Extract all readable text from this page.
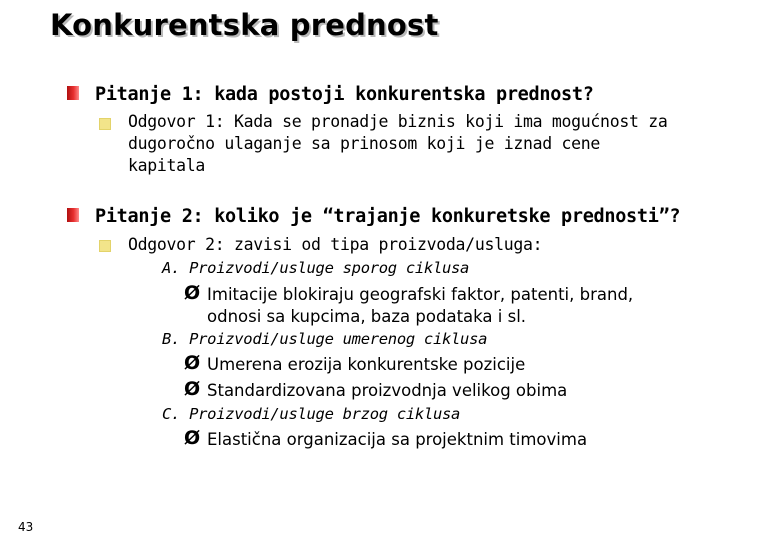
Konkurentska prednost
Pitanje 1: kada postoji konkurentska prednost?
Odgovor 1: Kada se pronadje biznis koji ima mogućnost za
dugoročno ulaganje sa prinosom koji je iznad cene
kapitala
Pitanje 2: koliko je “trajanje konkuretske prednosti”?
Odgovor 2: zavisi od tipa proizvoda/usluga:
A. Proizvodi/usluge sporog ciklusa
Ø Imitacije blokiraju geografski faktor, patenti, brand,
odnosi sa kupcima, baza podataka i sl.
B. Proizvodi/usluge umerenog ciklusa
Ø Umerena erozija konkurentske pozicije
Ø Standardizovana proizvodnja velikog obima
C. Proizvodi/usluge brzog ciklusa
Ø Elastična organizacija sa projektnim timovima
43
